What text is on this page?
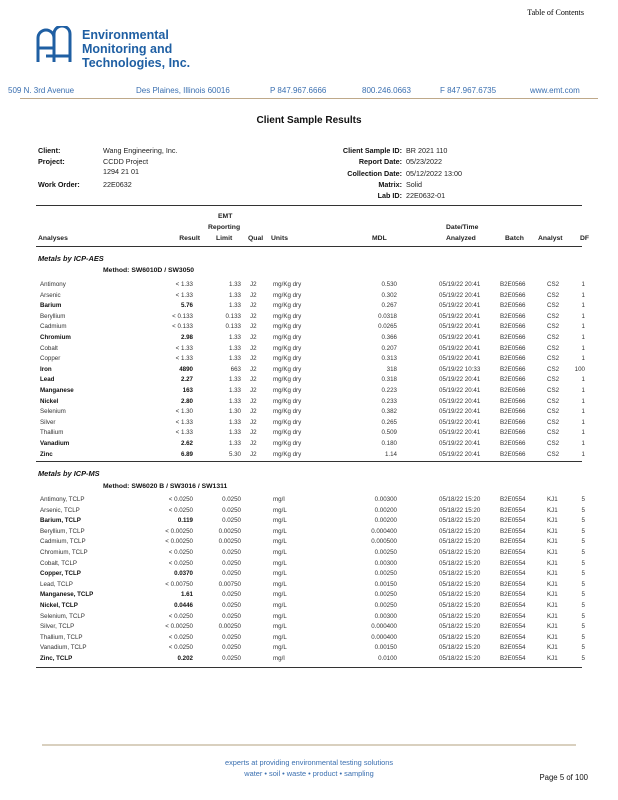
Table of Contents
Environmental
Monitoring and
Technologies, Inc.
509 N. 3rd Avenue	Des Plaines, Illinois 60016	P 847.967.6666	800.246.0663	F 847.967.6735	www.emt.com
Client Sample Results
Client:	Wang Engineering, Inc.
Project:	CCDD Project
1294 21 01
Work Order:	22E0632
Client Sample ID: BR 2021 110
Report Date: 05/23/2022
Collection Date: 05/12/2022 13:00
Matrix: Solid
Lab ID: 22E0632-01
Analyses	Result
EMT
Reporting
Limit Qual Units	MDL
Date/Time
Analyzed	Batch Analyst	DF
Metals by ICP-AES
Method: SW6010D / SW3050
Antimony	< 1.33	1.33 J2	mg/Kg dry	0.530	05/19/22 20:41	B2E0566	CS2	1
Arsenic	< 1.33	1.33 J2	mg/Kg dry	0.302	05/19/22 20:41	B2E0566	CS2	1
Barium	5.76	1.33 J2	mg/Kg dry	0.267	05/19/22 20:41	B2E0566	CS2	1
Beryllium	< 0.133	0.133 J2	mg/Kg dry	0.0318	05/19/22 20:41	B2E0566	CS2	1
Cadmium	< 0.133	0.133 J2	mg/Kg dry	0.0265	05/19/22 20:41	B2E0566	CS2	1
Chromium	2.98	1.33 J2	mg/Kg dry	0.366	05/19/22 20:41	B2E0566	CS2	1
Cobalt	< 1.33	1.33 J2	mg/Kg dry	0.207	05/19/22 20:41	B2E0566	CS2	1
Copper	< 1.33	1.33 J2	mg/Kg dry	0.313	05/19/22 20:41	B2E0566	CS2	1
Iron	4890	663 J2	mg/Kg dry	318	05/19/22 10:33	B2E0566	CS2	100
Lead	2.27	1.33 J2	mg/Kg dry	0.318	05/19/22 20:41	B2E0566	CS2	1
Manganese	163	1.33 J2	mg/Kg dry	0.223	05/19/22 20:41	B2E0566	CS2	1
Nickel	2.80	1.33 J2	mg/Kg dry	0.233	05/19/22 20:41	B2E0566	CS2	1
Selenium	< 1.30	1.30 J2	mg/Kg dry	0.382	05/19/22 20:41	B2E0566	CS2	1
Silver	< 1.33	1.33 J2	mg/Kg dry	0.265	05/19/22 20:41	B2E0566	CS2	1
Thallium	< 1.33	1.33 J2	mg/Kg dry	0.509	05/19/22 20:41	B2E0566	CS2	1
Vanadium	2.62	1.33 J2	mg/Kg dry	0.180	05/19/22 20:41	B2E0566	CS2	1
Zinc	6.89	5.30 J2	mg/Kg dry	1.14	05/19/22 20:41	B2E0566	CS2	1
Metals by ICP-MS
Method: SW6020 B / SW3016 / SW1311
Antimony, TCLP	< 0.0250	0.0250	mg/l	0.00300	05/18/22 15:20	B2E0554	KJ1	5
Arsenic, TCLP	< 0.0250	0.0250	mg/L	0.00200	05/18/22 15:20	B2E0554	KJ1	5
Barium, TCLP	0.119	0.0250	mg/L	0.00200	05/18/22 15:20	B2E0554	KJ1	5
Beryllium, TCLP	< 0.00250	0.00250	mg/L	0.000400	05/18/22 15:20	B2E0554	KJ1	5
Cadmium, TCLP	< 0.00250	0.00250	mg/L	0.000500	05/18/22 15:20	B2E0554	KJ1	5
Chromium, TCLP	< 0.0250	0.0250	mg/L	0.00250	05/18/22 15:20	B2E0554	KJ1	5
Cobalt, TCLP	< 0.0250	0.0250	mg/L	0.00300	05/18/22 15:20	B2E0554	KJ1	5
Copper, TCLP	0.0370	0.0250	mg/L	0.00250	05/18/22 15:20	B2E0554	KJ1	5
Lead, TCLP	< 0.00750	0.00750	mg/L	0.00150	05/18/22 15:20	B2E0554	KJ1	5
Manganese, TCLP	1.61	0.0250	mg/L	0.00250	05/18/22 15:20	B2E0554	KJ1	5
Nickel, TCLP	0.0446	0.0250	mg/L	0.00250	05/18/22 15:20	B2E0554	KJ1	5
Selenium, TCLP	< 0.0250	0.0250	mg/L	0.00300	05/18/22 15:20	B2E0554	KJ1	5
Silver, TCLP	< 0.00250	0.00250	mg/L	0.000400	05/18/22 15:20	B2E0554	KJ1	5
Thallium, TCLP	< 0.0250	0.0250	mg/L	0.000400	05/18/22 15:20	B2E0554	KJ1	5
Vanadium, TCLP	< 0.0250	0.0250	mg/L	0.00150	05/18/22 15:20	B2E0554	KJ1	5
Zinc, TCLP	0.202	0.0250	mg/l	0.0100	05/18/22 15:20	B2E0554	KJ1	5
experts at providing environmental testing solutions
water • soil • waste • product • sampling	Page 5 of 100
